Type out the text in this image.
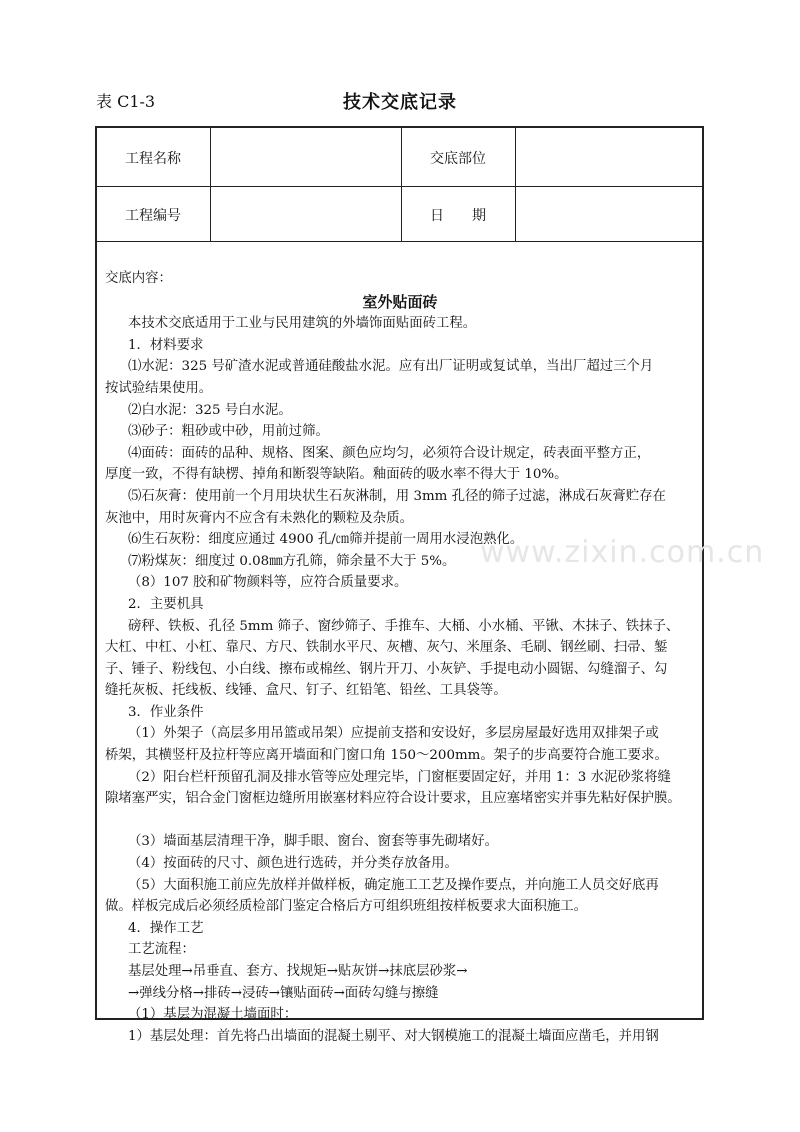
表 C1-3	技术交底记录
工程名称	交底部位
工程编号	日　　期

交底内容：

室外贴面砖

本技术交底适用于工业与民用建筑的外墙饰面贴面砖工程。

1．材料要求

⑴水泥：325 号矿渣水泥或普通硅酸盐水泥。应有出厂证明或复试单，当出厂超过三个月

按试验结果使用。

⑵白水泥：325 号白水泥。

⑶砂子：粗砂或中砂，用前过筛。

⑷面砖：面砖的品种、规格、图案、颜色应均匀，必须符合设计规定，砖表面平整方正，

厚度一致，不得有缺楞、掉角和断裂等缺陷。釉面砖的吸水率不得大于 10%。

⑸石灰膏：使用前一个月用块状生石灰淋制，用 3mm 孔径的筛子过滤，淋成石灰膏贮存在

灰池中，用时灰膏内不应含有未熟化的颗粒及杂质。

⑹生石灰粉：细度应通过 4900 孔/㎝筛并提前一周用水浸泡熟化。

⑺粉煤灰：细度过 0.08㎜方孔筛，筛余量不大于 5%。

（8）107 胶和矿物颜料等，应符合质量要求。

2．主要机具

磅秤、铁板、孔径 5mm 筛子、窗纱筛子、手推车、大桶、小水桶、平锹、木抹子、铁抹子、

大杠、中杠、小杠、靠尺、方尺、铁制水平尺、灰槽、灰勺、米厘条、毛刷、钢丝刷、扫帚、錾

子、锤子、粉线包、小白线、擦布或棉丝、钢片开刀、小灰铲、手提电动小圆锯、勾缝溜子、勾

缝托灰板、托线板、线锤、盒尺、钉子、红铅笔、铅丝、工具袋等。

3．作业条件

（1）外架子（高层多用吊篮或吊架）应提前支搭和安设好，多层房屋最好选用双排架子或

桥架，其横竖杆及拉杆等应离开墙面和门窗口角 150～200mm。架子的步高要符合施工要求。

（2）阳台栏杆预留孔洞及排水管等应处理完毕，门窗框要固定好，并用 1：3 水泥砂浆将缝

隙堵塞严实，铝合金门窗框边缝所用嵌塞材料应符合设计要求，且应塞堵密实并事先粘好保护膜。

（3）墙面基层清理干净，脚手眼、窗台、窗套等事先砌堵好。

（4）按面砖的尺寸、颜色进行选砖，并分类存放备用。

（5）大面积施工前应先放样并做样板，确定施工工艺及操作要点，并向施工人员交好底再

做。样板完成后必须经质检部门鉴定合格后方可组织班组按样板要求大面积施工。

4．操作工艺

工艺流程：

基层处理→吊垂直、套方、找规矩→贴灰饼→抹底层砂浆→

→弹线分格→排砖→浸砖→镶贴面砖→面砖勾缝与擦缝

（1）基层为混凝土墙面时：

1）基层处理：首先将凸出墙面的混凝土剔平、对大钢模施工的混凝土墙面应凿毛，并用钢

www.zixin.com.cn
